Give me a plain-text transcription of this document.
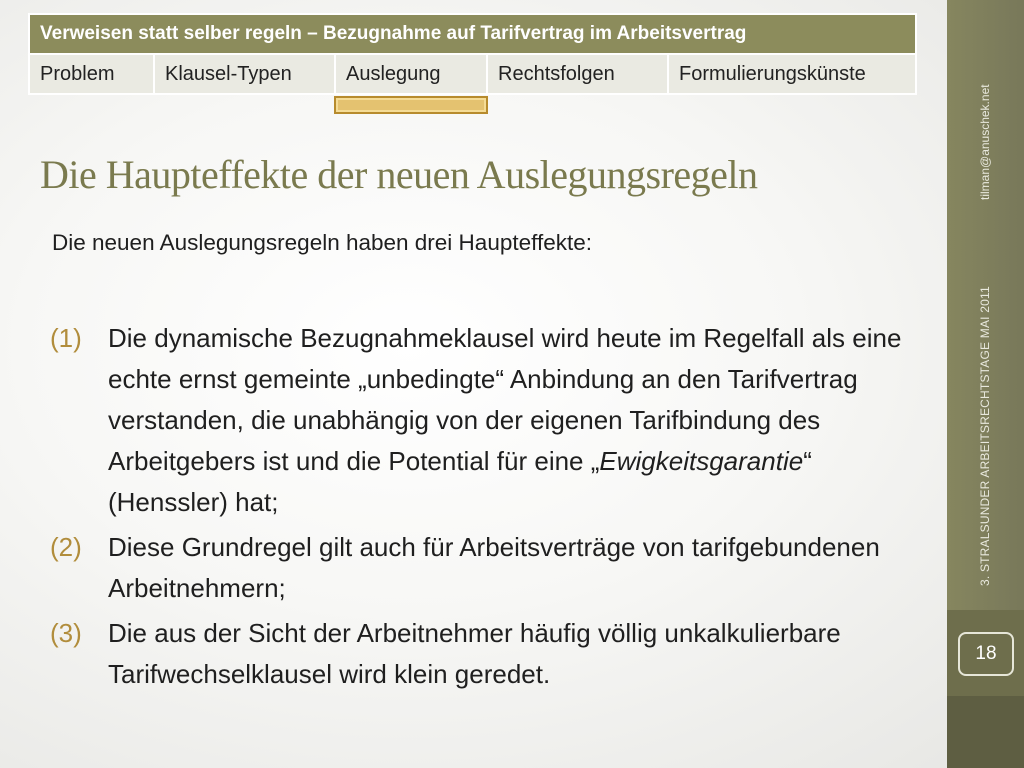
Verweisen statt selber regeln – Bezugnahme auf Tarifvertrag im Arbeitsvertrag
Problem	Klausel-Typen	Auslegung	Rechtsfolgen	Formulierungskünste
Die Haupteffekte der neuen Auslegungsregeln

Die neuen Auslegungsregeln haben drei Haupteffekte:

(1)	Die dynamische Bezugnahmeklausel wird heute im Regelfall als eine echte ernst gemeinte „unbedingte“ Anbindung an den Tarifvertrag verstanden, die unabhängig von der eigenen Tarifbindung des Arbeitgebers ist und die Potential für eine „Ewigkeitsgarantie“ (Henssler) hat;
(2)	Diese Grundregel gilt auch für Arbeitsverträge von tarifgebundenen Arbeitnehmern;
(3)	Die aus der Sicht der Arbeitnehmer häufig völlig unkalkulierbare Tarifwechselklausel wird klein geredet.
tilman@anuschek.net
3. STRALSUNDER ARBEITSRECHTSTAGE MAI 2011
18
